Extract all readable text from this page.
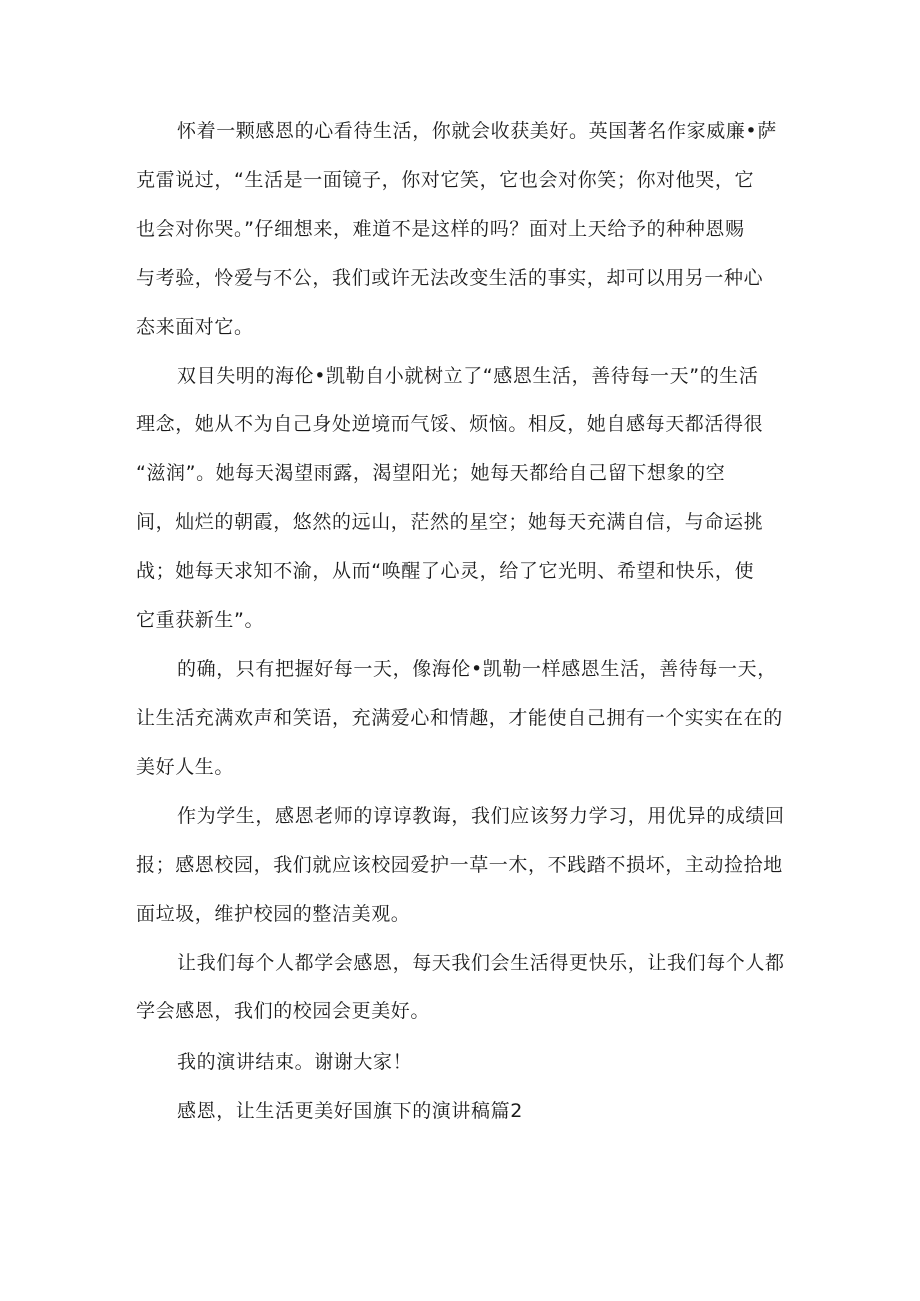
怀着一颗感恩的心看待生活，你就会收获美好。英国著名作家威廉•萨
克雷说过，“生活是一面镜子，你对它笑，它也会对你笑；你对他哭，它
也会对你哭。”仔细想来，难道不是这样的吗？面对上天给予的种种恩赐
与考验，怜爱与不公，我们或许无法改变生活的事实，却可以用另一种心
态来面对它。
双目失明的海伦•凯勒自小就树立了“感恩生活，善待每一天”的生活
理念，她从不为自己身处逆境而气馁、烦恼。相反，她自感每天都活得很
“滋润”。她每天渴望雨露，渴望阳光；她每天都给自己留下想象的空
间，灿烂的朝霞，悠然的远山，茫然的星空；她每天充满自信，与命运挑
战；她每天求知不渝，从而“唤醒了心灵，给了它光明、希望和快乐，使
它重获新生”。
的确，只有把握好每一天，像海伦•凯勒一样感恩生活，善待每一天，
让生活充满欢声和笑语，充满爱心和情趣，才能使自己拥有一个实实在在的
美好人生。
作为学生，感恩老师的谆谆教诲，我们应该努力学习，用优异的成绩回
报；感恩校园，我们就应该校园爱护一草一木，不践踏不损坏，主动捡拾地
面垃圾，维护校园的整洁美观。
让我们每个人都学会感恩，每天我们会生活得更快乐，让我们每个人都
学会感恩，我们的校园会更美好。
我的演讲结束。谢谢大家！
感恩，让生活更美好国旗下的演讲稿篇2
